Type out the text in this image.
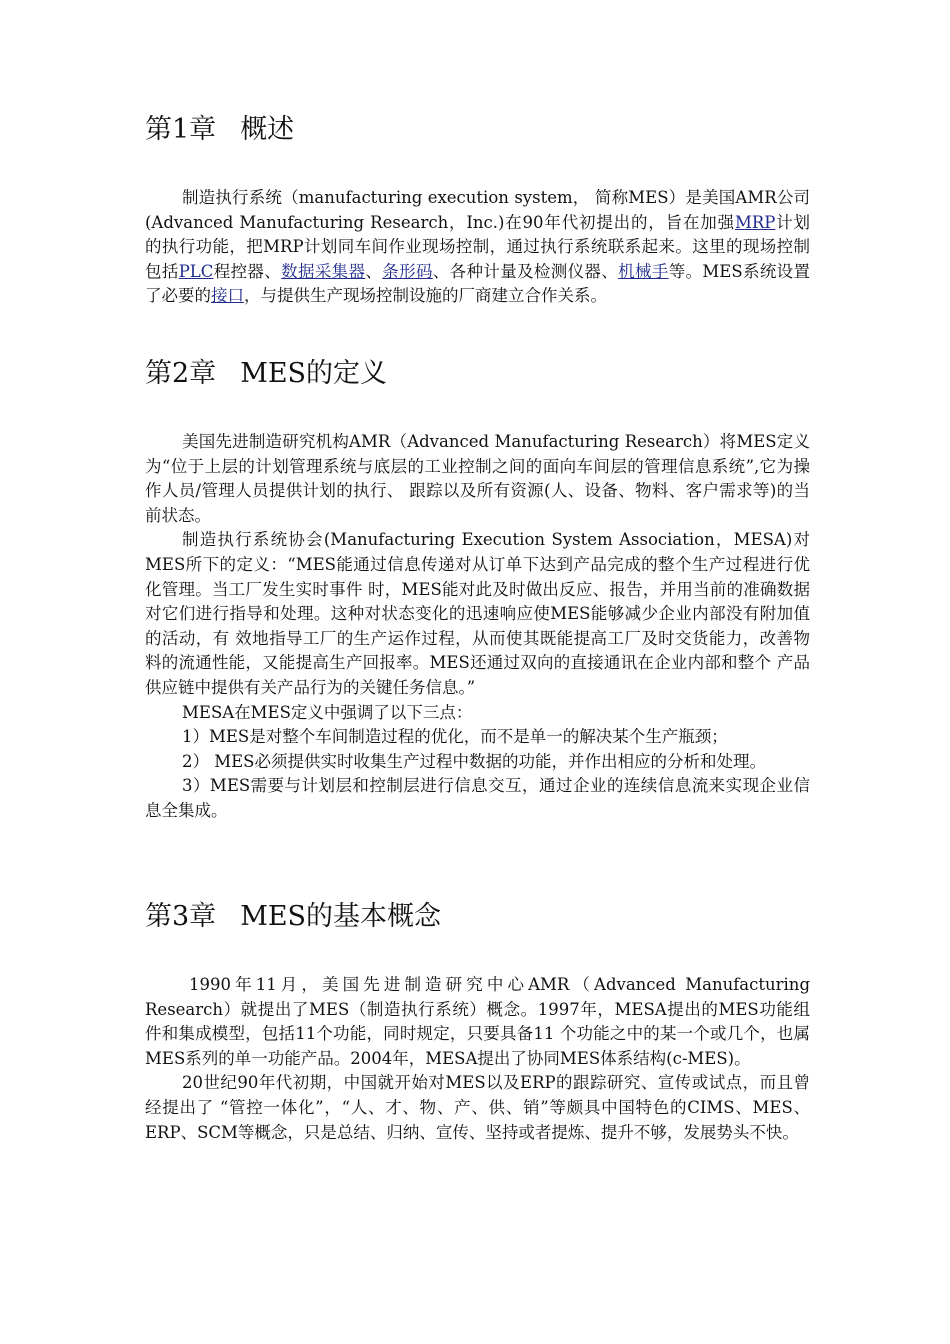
第1章 概述

制造执行系统（manufacturing execution system， 简称MES）是美国AMR公司(Advanced Manufacturing Research，Inc.)在90年代初提出的，旨在加强MRP计划的执行功能，把MRP计划同车间作业现场控制，通过执行系统联系起来。这里的现场控制包括PLC程控器、数据采集器、条形码、各种计量及检测仪器、机械手等。MES系统设置了必要的接口，与提供生产现场控制设施的厂商建立合作关系。

第2章 MES的定义

美国先进制造研究机构AMR（Advanced Manufacturing Research）将MES定义为“位于上层的计划管理系统与底层的工业控制之间的面向车间层的管理信息系统”,它为操作人员/管理人员提供计划的执行、 跟踪以及所有资源(人、设备、物料、客户需求等)的当前状态。

制造执行系统协会(Manufacturing Execution System Association，MESA)对MES所下的定义：“MES能通过信息传递对从订单下达到产品完成的整个生产过程进行优化管理。当工厂发生实时事件 时，MES能对此及时做出反应、报告，并用当前的准确数据对它们进行指导和处理。这种对状态变化的迅速响应使MES能够减少企业内部没有附加值的活动，有 效地指导工厂的生产运作过程，从而使其既能提高工厂及时交货能力，改善物料的流通性能，又能提高生产回报率。MES还通过双向的直接通讯在企业内部和整个 产品供应链中提供有关产品行为的关键任务信息。”

MESA在MES定义中强调了以下三点：

1）MES是对整个车间制造过程的优化，而不是单一的解决某个生产瓶颈；

2） MES必须提供实时收集生产过程中数据的功能，并作出相应的分析和处理。

3）MES需要与计划层和控制层进行信息交互，通过企业的连续信息流来实现企业信息全集成。

第3章 MES的基本概念

1990年11月，美国先进制造研究中心AMR（Advanced Manufacturing Research）就提出了MES（制造执行系统）概念。1997年，MESA提出的MES功能组件和集成模型，包括11个功能，同时规定，只要具备11 个功能之中的某一个或几个，也属MES系列的单一功能产品。2004年，MESA提出了协同MES体系结构(c-MES)。

20世纪90年代初期，中国就开始对MES以及ERP的跟踪研究、宣传或试点，而且曾经提出了 “管控一体化”，“人、才、物、产、供、销”等颇具中国特色的CIMS、MES、ERP、SCM等概念，只是总结、归纳、宣传、坚持或者提炼、提升不够，发展势头不快。
